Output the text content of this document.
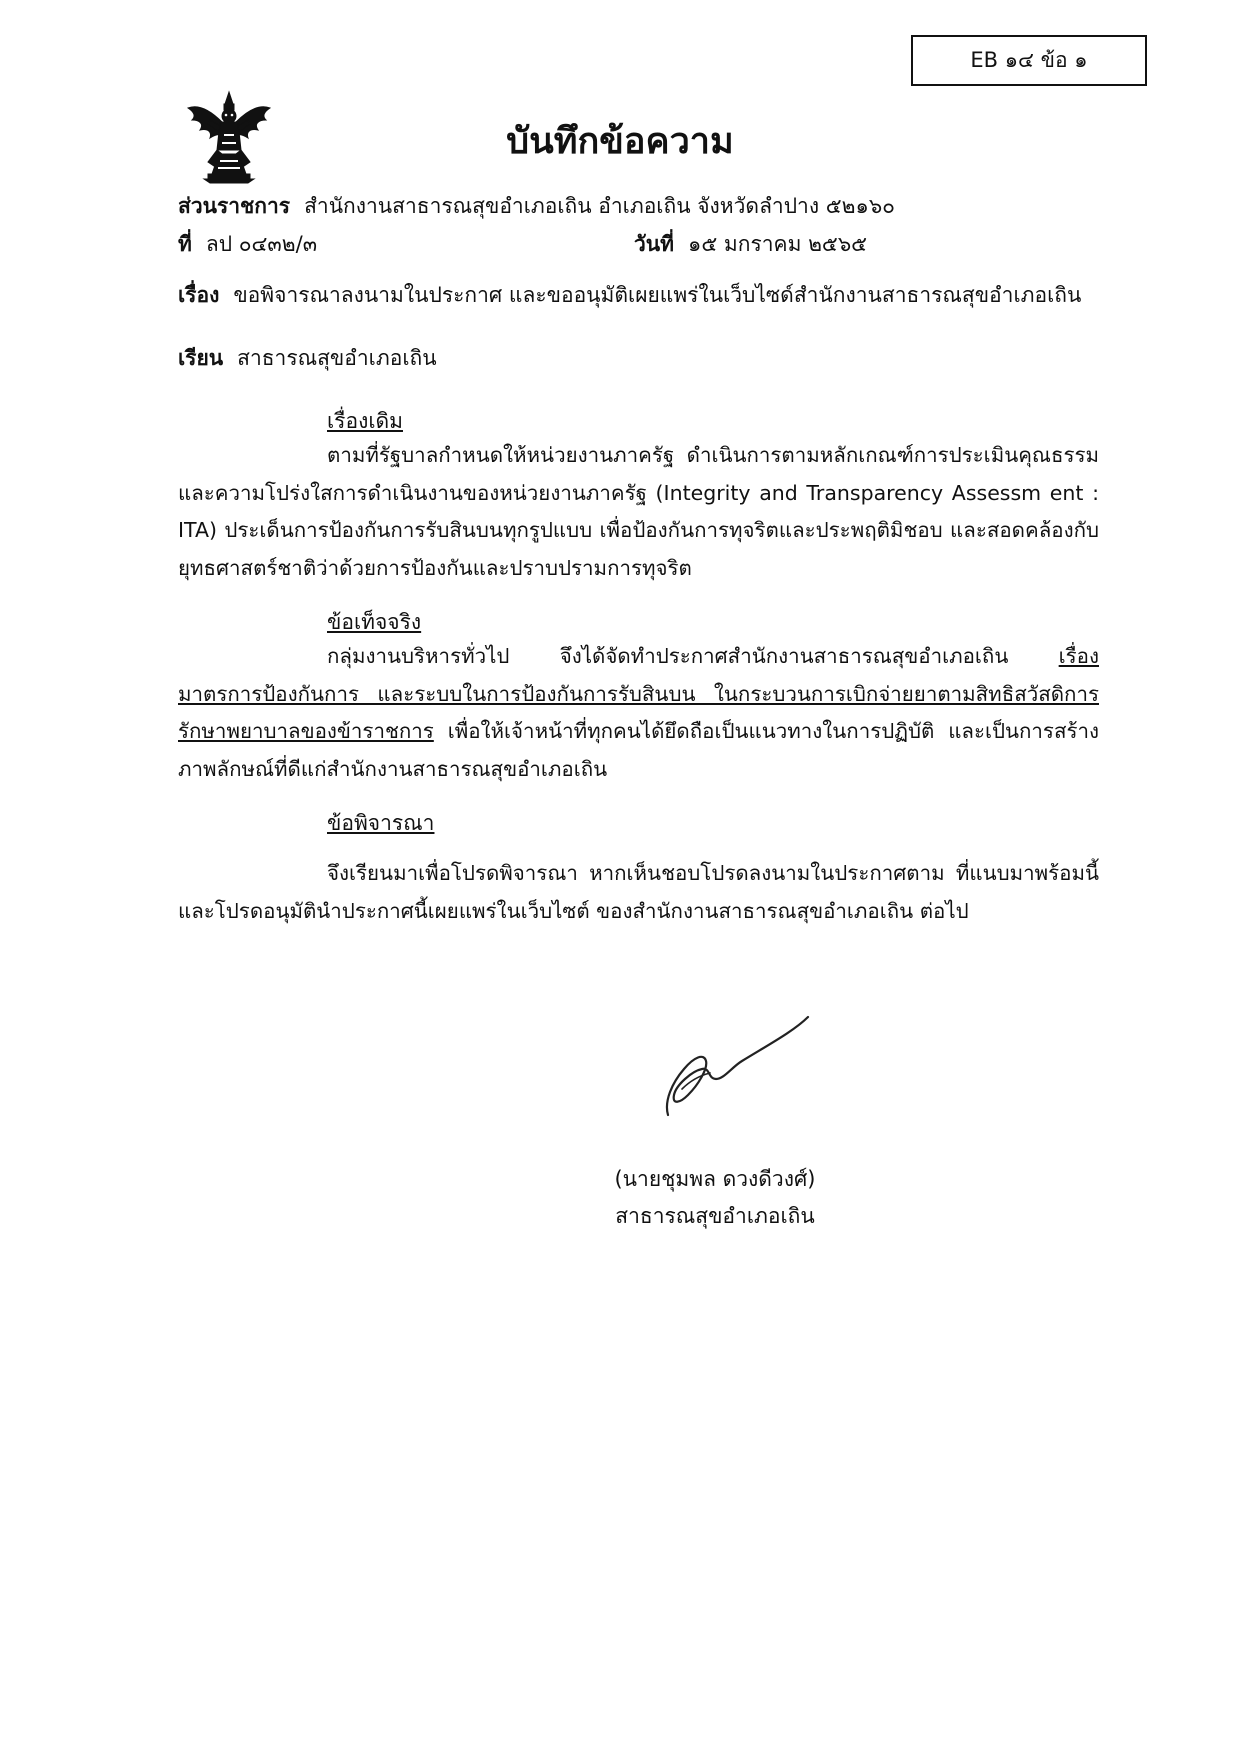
EB ๑๔ ข้อ ๑
บันทึกข้อความ
ส่วนราชการ สำนักงานสาธารณสุขอำเภอเถิน อำเภอเถิน จังหวัดลำปาง ๕๒๑๖๐
ที่ ลป ๐๔๓๒/๓	วันที่ ๑๕ มกราคม ๒๕๖๕
เรื่อง ขอพิจารณาลงนามในประกาศ และขออนุมัติเผยแพร่ในเว็บไซด์สำนักงานสาธารณสุขอำเภอเถิน
เรียน สาธารณสุขอำเภอเถิน
เรื่องเดิม
ตามที่รัฐบาลกำหนดให้หน่วยงานภาครัฐ ดำเนินการตามหลักเกณฑ์การประเมินคุณธรรมและความโปร่งใสการดำเนินงานของหน่วยงานภาครัฐ (Integrity and Transparency Assessm ent : ITA) ประเด็นการป้องกันการรับสินบนทุกรูปแบบ เพื่อป้องกันการทุจริตและประพฤติมิชอบ และสอดคล้องกับยุทธศาสตร์ชาติว่าด้วยการป้องกันและปราบปรามการทุจริต
ข้อเท็จจริง
กลุ่มงานบริหารทั่วไป จึงได้จัดทำประกาศสำนักงานสาธารณสุขอำเภอเถิน เรื่อง มาตรการป้องกันการ และระบบในการป้องกันการรับสินบน ในกระบวนการเบิกจ่ายยาตามสิทธิสวัสดิการรักษาพยาบาลของข้าราชการ เพื่อให้เจ้าหน้าที่ทุกคนได้ยึดถือเป็นแนวทางในการปฏิบัติ และเป็นการสร้างภาพลักษณ์ที่ดีแก่สำนักงานสาธารณสุขอำเภอเถิน
ข้อพิจารณา
จึงเรียนมาเพื่อโปรดพิจารณา หากเห็นชอบโปรดลงนามในประกาศตาม ที่แนบมาพร้อมนี้และโปรดอนุมัตินำประกาศนี้เผยแพร่ในเว็บไซต์ ของสำนักงานสาธารณสุขอำเภอเถิน ต่อไป
(นายชุมพล ดวงดีวงศ์)
สาธารณสุขอำเภอเถิน
